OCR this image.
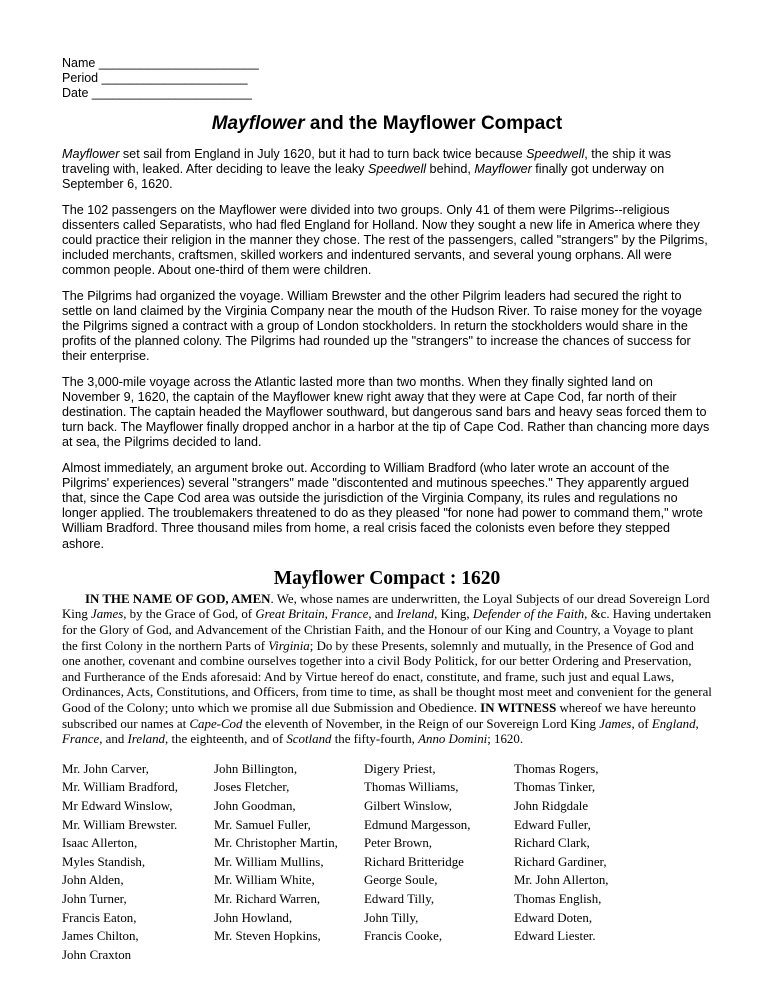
Name _______________________
Period _____________________
Date _______________________
Mayflower and the Mayflower Compact

Mayflower set sail from England in July 1620, but it had to turn back twice because Speedwell, the ship it was traveling with, leaked. After deciding to leave the leaky Speedwell behind, Mayflower finally got underway on September 6, 1620.

The 102 passengers on the Mayflower were divided into two groups. Only 41 of them were Pilgrims--religious dissenters called Separatists, who had fled England for Holland. Now they sought a new life in America where they could practice their religion in the manner they chose. The rest of the passengers, called "strangers" by the Pilgrims, included merchants, craftsmen, skilled workers and indentured servants, and several young orphans. All were common people. About one-third of them were children.

The Pilgrims had organized the voyage. William Brewster and the other Pilgrim leaders had secured the right to settle on land claimed by the Virginia Company near the mouth of the Hudson River. To raise money for the voyage the Pilgrims signed a contract with a group of London stockholders. In return the stockholders would share in the profits of the planned colony. The Pilgrims had rounded up the "strangers" to increase the chances of success for their enterprise.

The 3,000-mile voyage across the Atlantic lasted more than two months. When they finally sighted land on November 9, 1620, the captain of the Mayflower knew right away that they were at Cape Cod, far north of their destination. The captain headed the Mayflower southward, but dangerous sand bars and heavy seas forced them to turn back. The Mayflower finally dropped anchor in a harbor at the tip of Cape Cod. Rather than chancing more days at sea, the Pilgrims decided to land.

Almost immediately, an argument broke out. According to William Bradford (who later wrote an account of the Pilgrims' experiences) several "strangers" made "discontented and mutinous speeches." They apparently argued that, since the Cape Cod area was outside the jurisdiction of the Virginia Company, its rules and regulations no longer applied. The troublemakers threatened to do as they pleased "for none had power to command them," wrote William Bradford. Three thousand miles from home, a real crisis faced the colonists even before they stepped ashore.

Mayflower Compact : 1620

IN THE NAME OF GOD, AMEN. We, whose names are underwritten, the Loyal Subjects of our dread Sovereign Lord King James, by the Grace of God, of Great Britain, France, and Ireland, King, Defender of the Faith, &c. Having undertaken for the Glory of God, and Advancement of the Christian Faith, and the Honour of our King and Country, a Voyage to plant the first Colony in the northern Parts of Virginia; Do by these Presents, solemnly and mutually, in the Presence of God and one another, covenant and combine ourselves together into a civil Body Politick, for our better Ordering and Preservation, and Furtherance of the Ends aforesaid: And by Virtue hereof do enact, constitute, and frame, such just and equal Laws, Ordinances, Acts, Constitutions, and Officers, from time to time, as shall be thought most meet and convenient for the general Good of the Colony; unto which we promise all due Submission and Obedience. IN WITNESS whereof we have hereunto subscribed our names at Cape-Cod the eleventh of November, in the Reign of our Sovereign Lord King James, of England, France, and Ireland, the eighteenth, and of Scotland the fifty-fourth, Anno Domini; 1620.

Mr. John Carver,
Mr. William Bradford,
Mr Edward Winslow,
Mr. William Brewster.
Isaac Allerton,
Myles Standish,
John Alden,
John Turner,
Francis Eaton,
James Chilton,
John Craxton
John Billington,
Joses Fletcher,
John Goodman,
Mr. Samuel Fuller,
Mr. Christopher Martin,
Mr. William Mullins,
Mr. William White,
Mr. Richard Warren,
John Howland,
Mr. Steven Hopkins,
Digery Priest,
Thomas Williams,
Gilbert Winslow,
Edmund Margesson,
Peter Brown,
Richard Britteridge
George Soule,
Edward Tilly,
John Tilly,
Francis Cooke,
Thomas Rogers,
Thomas Tinker,
John Ridgdale
Edward Fuller,
Richard Clark,
Richard Gardiner,
Mr. John Allerton,
Thomas English,
Edward Doten,
Edward Liester.
